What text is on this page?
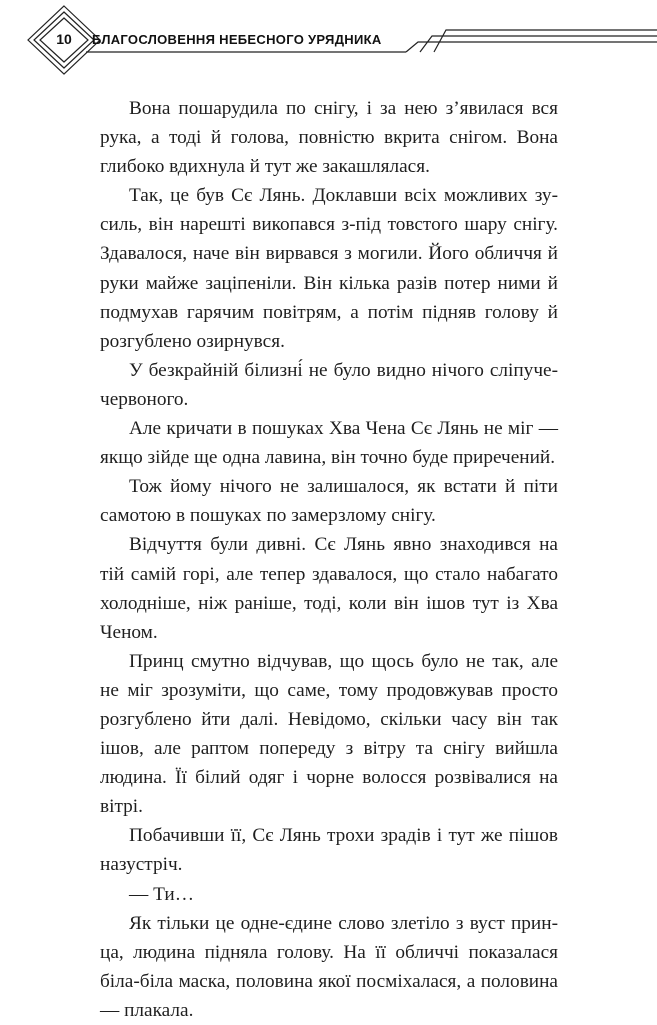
10	БЛАГОСЛОВЕННЯ НЕБЕСНОГО УРЯДНИКА

Вона пошарудила по снігу, і за нею з’явилася вся рука, а тоді й голова, повністю вкрита снігом. Вона глибоко вдихнула й тут же закашлялася.

Так, це був Сє Лянь. Доклавши всіх можливих зусиль, він нарешті викопався з-під товстого шару снігу. Здавалося, наче він вирвався з могили. Його обличчя й руки майже заціпеніли. Він кілька разів потер ними й подмухав гарячим повітрям, а потім підняв голову й розгублено озирнувся.

У безкрайній білизні́ не було видно нічого сліпучечервоного.

Але кричати в пошуках Хва Чена Сє Лянь не міг — якщо зійде ще одна лавина, він точно буде приречений.

Тож йому нічого не залишалося, як встати й піти самотою в пошуках по замерзлому снігу.

Відчуття були дивні. Сє Лянь явно знаходився на тій самій горі, але тепер здавалося, що стало набагато холодніше, ніж раніше, тоді, коли він ішов тут із Хва Ченом.

Принц смутно відчував, що щось було не так, але не міг зрозуміти, що саме, тому продовжував просто розгублено йти далі. Невідомо, скільки часу він так ішов, але раптом попереду з вітру та снігу вийшла людина. Її білий одяг і чорне волосся розвівалися на вітрі.

Побачивши її, Сє Лянь трохи зрадів і тут же пішов назустріч.

— Ти…

Як тільки це одне-єдине слово злетіло з вуст принца, людина підняла голову. На її обличчі показалася біла-біла маска, половина якої посміхалася, а половина — плакала.
